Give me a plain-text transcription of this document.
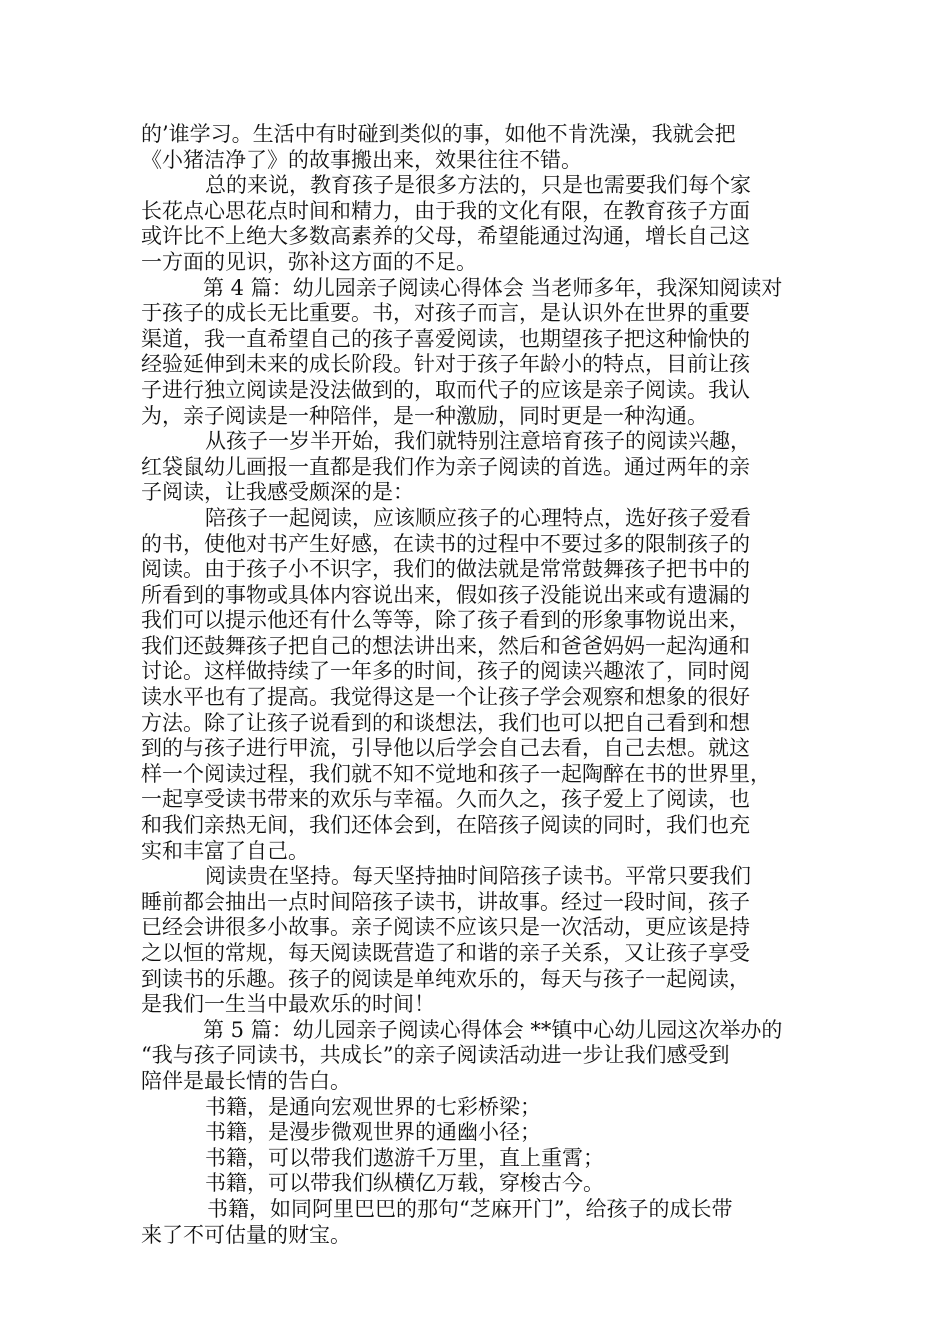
的’谁学习。生活中有时碰到类似的事，如他不肯洗澡，我就会把
《小猪洁净了》的故事搬出来，效果往往不错。
总的来说，教育孩子是很多方法的，只是也需要我们每个家
长花点心思花点时间和精力，由于我的文化有限，在教育孩子方面
或许比不上绝大多数高素养的父母，希望能通过沟通，增长自己这
一方面的见识，弥补这方面的不足。
第 4 篇：幼儿园亲子阅读心得体会 当老师多年，我深知阅读对
于孩子的成长无比重要。书，对孩子而言，是认识外在世界的重要
渠道，我一直希望自己的孩子喜爱阅读，也期望孩子把这种愉快的
经验延伸到未来的成长阶段。针对于孩子年龄小的特点，目前让孩
子进行独立阅读是没法做到的，取而代子的应该是亲子阅读。我认
为，亲子阅读是一种陪伴，是一种激励，同时更是一种沟通。
从孩子一岁半开始，我们就特别注意培育孩子的阅读兴趣，
红袋鼠幼儿画报一直都是我们作为亲子阅读的首选。通过两年的亲
子阅读，让我感受颇深的是：
陪孩子一起阅读，应该顺应孩子的心理特点，选好孩子爱看
的书，使他对书产生好感，在读书的过程中不要过多的限制孩子的
阅读。由于孩子小不识字，我们的做法就是常常鼓舞孩子把书中的
所看到的事物或具体内容说出来，假如孩子没能说出来或有遗漏的
我们可以提示他还有什么等等，除了孩子看到的形象事物说出来，
我们还鼓舞孩子把自己的想法讲出来，然后和爸爸妈妈一起沟通和
讨论。这样做持续了一年多的时间，孩子的阅读兴趣浓了，同时阅
读水平也有了提高。我觉得这是一个让孩子学会观察和想象的很好
方法。除了让孩子说看到的和谈想法，我们也可以把自己看到和想
到的与孩子进行甲流，引导他以后学会自己去看，自己去想。就这
样一个阅读过程，我们就不知不觉地和孩子一起陶醉在书的世界里，
一起享受读书带来的欢乐与幸福。久而久之，孩子爱上了阅读，也
和我们亲热无间，我们还体会到，在陪孩子阅读的同时，我们也充
实和丰富了自己。
阅读贵在坚持。每天坚持抽时间陪孩子读书。平常只要我们
睡前都会抽出一点时间陪孩子读书，讲故事。经过一段时间，孩子
已经会讲很多小故事。亲子阅读不应该只是一次活动，更应该是持
之以恒的常规，每天阅读既营造了和谐的亲子关系，又让孩子享受
到读书的乐趣。孩子的阅读是单纯欢乐的，每天与孩子一起阅读，
是我们一生当中最欢乐的时间！
第 5 篇：幼儿园亲子阅读心得体会 **镇中心幼儿园这次举办的
“我与孩子同读书，共成长”的亲子阅读活动进一步让我们感受到
陪伴是最长情的告白。
书籍，是通向宏观世界的七彩桥梁；
书籍，是漫步微观世界的通幽小径；
书籍，可以带我们遨游千万里，直上重霄；
书籍，可以带我们纵横亿万载，穿梭古今。
书籍，如同阿里巴巴的那句“芝麻开门”，给孩子的成长带
来了不可估量的财宝。
